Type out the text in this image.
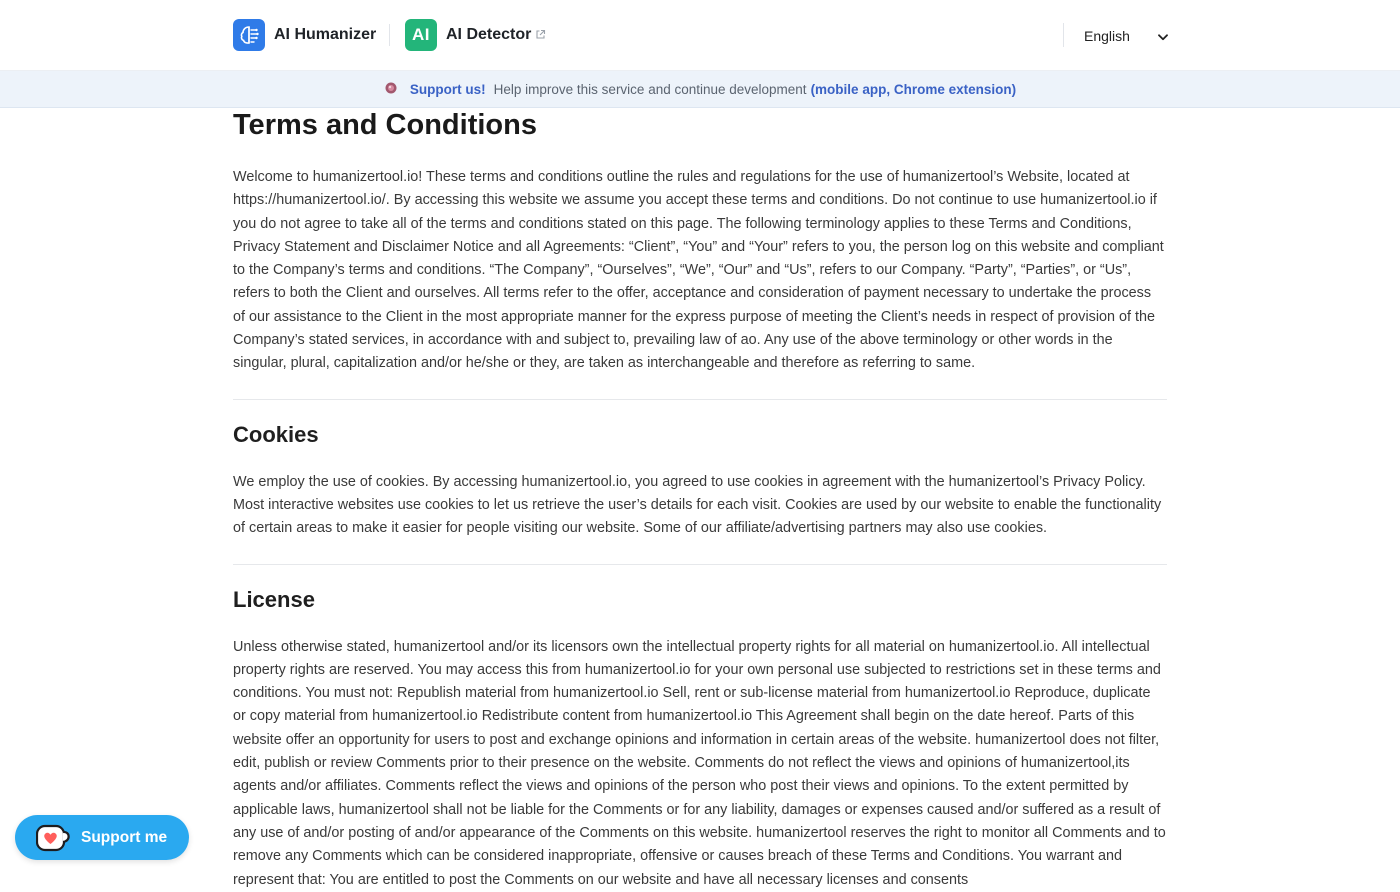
AI Humanizer AI AI Detector	English
Support us! Help improve this service and continue development (mobile app, Chrome extension)
Terms and Conditions

Welcome to humanizertool.io! These terms and conditions outline the rules and regulations for the use of humanizertool’s Website, located at https://humanizertool.io/. By accessing this website we assume you accept these terms and conditions. Do not continue to use humanizertool.io if you do not agree to take all of the terms and conditions stated on this page. The following terminology applies to these Terms and Conditions, Privacy Statement and Disclaimer Notice and all Agreements: “Client”, “You” and “Your” refers to you, the person log on this website and compliant to the Company’s terms and conditions. “The Company”, “Ourselves”, “We”, “Our” and “Us”, refers to our Company. “Party”, “Parties”, or “Us”, refers to both the Client and ourselves. All terms refer to the offer, acceptance and consideration of payment necessary to undertake the process of our assistance to the Client in the most appropriate manner for the express purpose of meeting the Client’s needs in respect of provision of the Company’s stated services, in accordance with and subject to, prevailing law of ao. Any use of the above terminology or other words in the singular, plural, capitalization and/or he/she or they, are taken as interchangeable and therefore as referring to same.

Cookies

We employ the use of cookies. By accessing humanizertool.io, you agreed to use cookies in agreement with the humanizertool’s Privacy Policy. Most interactive websites use cookies to let us retrieve the user’s details for each visit. Cookies are used by our website to enable the functionality of certain areas to make it easier for people visiting our website. Some of our affiliate/advertising partners may also use cookies.

License

Unless otherwise stated, humanizertool and/or its licensors own the intellectual property rights for all material on humanizertool.io. All intellectual property rights are reserved. You may access this from humanizertool.io for your own personal use subjected to restrictions set in these terms and conditions. You must not: Republish material from humanizertool.io Sell, rent or sub-license material from humanizertool.io Reproduce, duplicate or copy material from humanizertool.io Redistribute content from humanizertool.io This Agreement shall begin on the date hereof. Parts of this website offer an opportunity for users to post and exchange opinions and information in certain areas of the website. humanizertool does not filter, edit, publish or review Comments prior to their presence on the website. Comments do not reflect the views and opinions of humanizertool,its agents and/or affiliates. Comments reflect the views and opinions of the person who post their views and opinions. To the extent permitted by applicable laws, humanizertool shall not be liable for the Comments or for any liability, damages or expenses caused and/or suffered as a result of any use of and/or posting of and/or appearance of the Comments on this website. humanizertool reserves the right to monitor all Comments and to remove any Comments which can be considered inappropriate, offensive or causes breach of these Terms and Conditions. You warrant and represent that: You are entitled to post the Comments on our website and have all necessary licenses and consents

Support me
